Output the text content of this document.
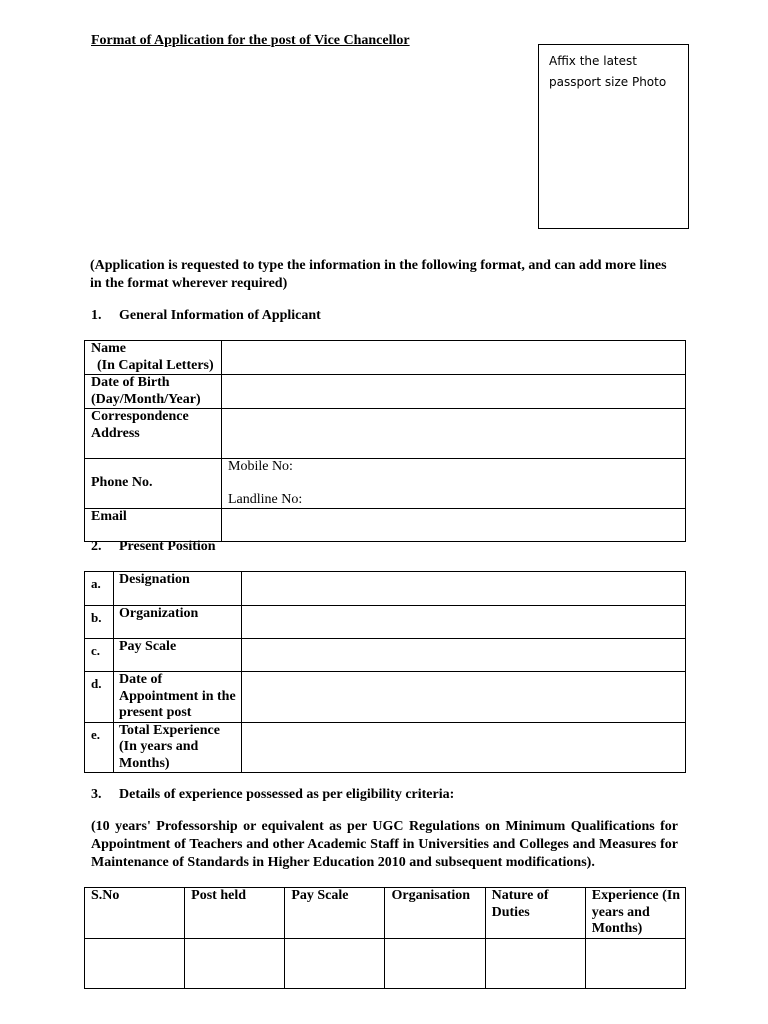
Format of Application for the post of Vice Chancellor
Affix the latest passport size Photo
(Application is requested to type the information in the following format, and can add more lines in the format wherever required)
1. General Information of Applicant
Name
(In Capital Letters)	

Date of Birth
(Day/Month/Year)	

Correspondence
Address	

Phone No.	Mobile No:
Landline No:

Email	
2. Present Position
a.	Designation	
b.	Organization	
c.	Pay Scale	
d.	Date of Appointment in the present post	
e.	Total Experience (In years and Months)	
3. Details of experience possessed as per eligibility criteria:
(10 years' Professorship or equivalent as per UGC Regulations on Minimum Qualifications for Appointment of Teachers and other Academic Staff in Universities and Colleges and Measures for Maintenance of Standards in Higher Education 2010 and subsequent modifications).
S.No	Post held	Pay Scale	Organisation	Nature of Duties	Experience (In years and Months)
